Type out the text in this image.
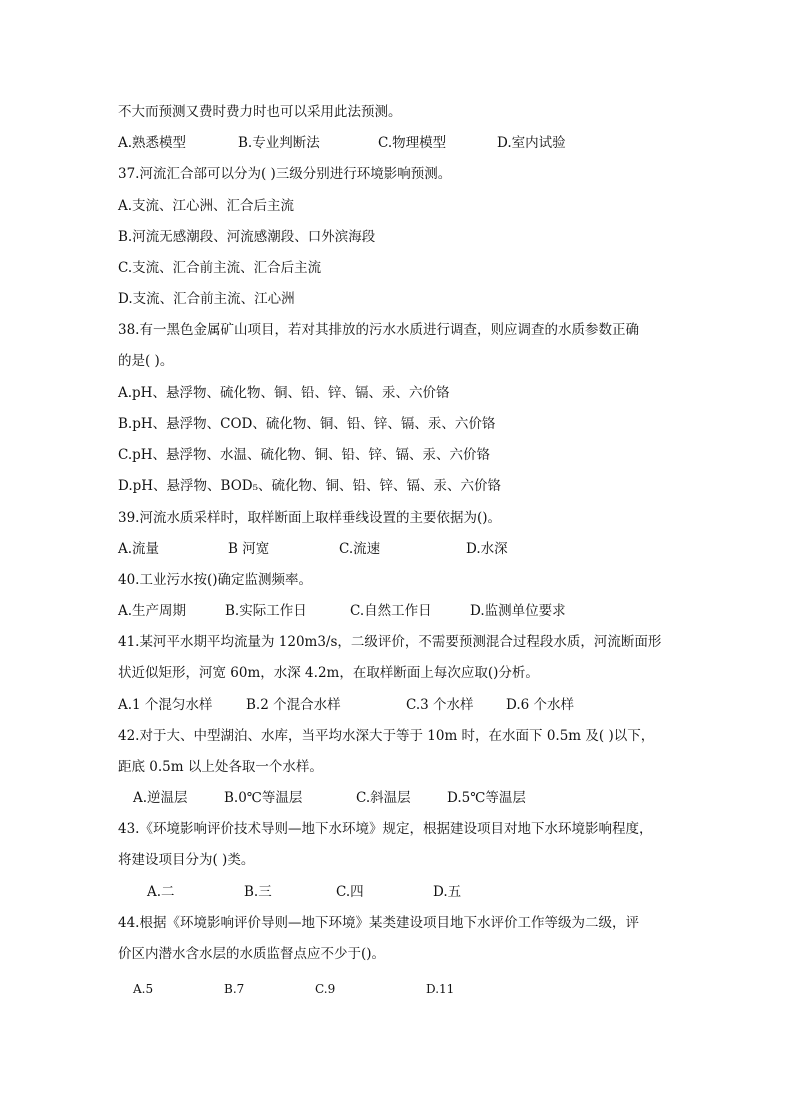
不大而预测又费时费力时也可以采用此法预测。
A.熟悉模型	B.专业判断法	C.物理模型	D.室内试验
37.河流汇合部可以分为( )三级分别进行环境影响预测。
A.支流、江心洲、汇合后主流
B.河流无感潮段、河流感潮段、口外滨海段
C.支流、汇合前主流、汇合后主流
D.支流、汇合前主流、江心洲
38.有一黑色金属矿山项目，若对其排放的污水水质进行调查，则应调查的水质参数正确
的是( )。
A.pH、悬浮物、硫化物、铜、铅、锌、镉、汞、六价铬
B.pH、悬浮物、COD、硫化物、铜、铅、锌、镉、汞、六价铬
C.pH、悬浮物、水温、硫化物、铜、铅、锌、镉、汞、六价铬
D.pH、悬浮物、BOD₅、硫化物、铜、铅、锌、镉、汞、六价铬
39.河流水质采样时，取样断面上取样垂线设置的主要依据为()。
A.流量	B 河宽	C.流速	D.水深
40.工业污水按()确定监测频率。
A.生产周期	B.实际工作日	C.自然工作日	D.监测单位要求
41.某河平水期平均流量为 120m3/s，二级评价，不需要预测混合过程段水质，河流断面形
状近似矩形，河宽 60m，水深 4.2m，在取样断面上每次应取()分析。
A.1 个混匀水样 B.2 个混合水样	C.3 个水样 D.6 个水样
42.对于大、中型湖泊、水库，当平均水深大于等于 10m 时，在水面下 0.5m 及( )以下，
距底 0.5m 以上处各取一个水样。
A.逆温层	B.0℃等温层	C.斜温层	D.5℃等温层
43.《环境影响评价技术导则—地下水环境》规定，根据建设项目对地下水环境影响程度，
将建设项目分为( )类。
A.二	B.三	C.四	D.五
44.根据《环境影响评价导则—地下环境》某类建设项目地下水评价工作等级为二级，评
价区内潜水含水层的水质监督点应不少于()。
A.5	B.7	C.9	D.11
